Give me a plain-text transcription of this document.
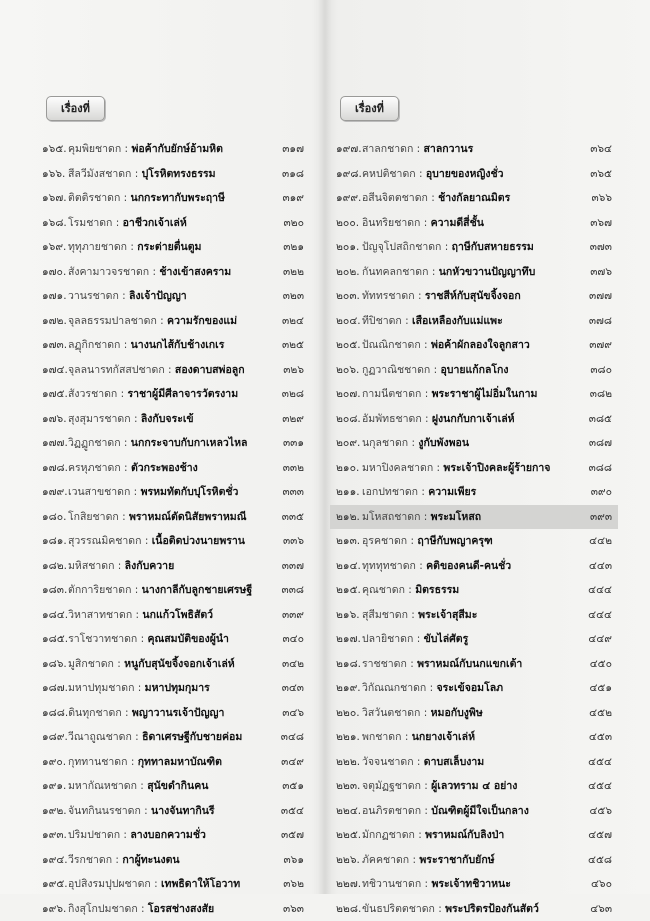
เรื่องที่
๑๖๕.คุมพิยชาดก : พ่อค้ากับยักษ์อ้ามหิต	๓๑๗
๑๖๖. สีลวีมังสชาดก : ปุโรหิตทรงธรรม	๓๑๘
๑๖๗.ติตติรชาดก : นกกระทากับพระฤาษี	๓๑๙
๑๖๘.โรมชาดก : อาชีวกเจ้าเล่ห์	๓๒๐
๑๖๙. ทุทุภายชาดก : กระต่ายตื่นตูม	๓๒๑
๑๗๐. สังคามาวจรชาดก : ช้างเข้าสงคราม	๓๒๒
๑๗๑.วานรชาดก : ลิงเจ้าปัญญา	๓๒๓
๑๗๒.จุลลธรรมปาลชาดก : ความรักของแม่	๓๒๔
๑๗๓.ลฏุกิกชาดก : นางนกไส้กับช้างเกเร	๓๒๕
๑๗๔.จุลลนารทกัสสปชาดก : สองดาบสพ่อลูก	๓๒๖
๑๗๕.สังวรชาดก : ราชาผู้มีศีลาจารวัตรงาม	๓๒๘
๑๗๖.สุงสุมารชาดก : ลิงกับจระเข้	๓๒๙
๑๗๗.วิฏฏูกชาดก : นกกระจาบกับกาเหลวไหล	๓๓๑
๑๗๘.ครหุภชาดก : ตัวกระพองช้าง	๓๓๒
๑๗๙.เวนสาขชาดก : พรหมทัตกับปุโรหิตชั่ว	๓๓๓
๑๘๐.โกสิยชาดก : พราหมณ์ตัดนิสัยพราหมณี	๓๓๕
๑๘๑.สุวรรณมิคชาดก : เนื้อติดบ่วงนายพราน	๓๓๖
๑๘๒.มหิสชาดก : ลิงกับควาย	๓๓๗
๑๘๓.ตักการิยชาดก : นางกาลีกับลูกชายเศรษฐี	๓๓๘
๑๘๔.วิหาสาทชาดก : นกแก้วโพธิสัตว์	๓๓๙
๑๘๕.ราโชวาทชาดก : คุณสมบัติของผู้นำ	๓๔๐
๑๘๖.มูสิกชาดก : หนูกับสุนัขจิ้งจอกเจ้าเล่ห์	๓๔๒
๑๘๗.มหาปทุมชาดก : มหาปทุมกุมาร	๓๔๓
๑๘๘.ดินทุกชาดก : พญาวานรเจ้าปัญญา	๓๔๖
๑๘๙.วีณาถูณชาดก : ธิดาเศรษฐีกับชายค่อม	๓๔๘
๑๙๐. กุททานชาดก : กุททาลมหาบัณฑิต	๓๔๙
๑๙๑. มหากัณหชาดก : สุนัขดำกินคน	๓๕๑
๑๙๒.จันทกินนรชาดก : นางจันทากินรี	๓๕๔
๑๙๓.ปริมปชาดก : ลางบอกความชั่ว	๓๕๗
๑๙๔.วีรกชาดก : กาผู้ทะนงตน	๓๖๑
๑๙๕.อุปสิงรมปุปผชาดก : เทพธิดาให้โอวาท	๓๖๒
๑๙๖. กิงสุโกปมชาดก : โอรสช่างสงสัย	๓๖๓
เรื่องที่
๑๙๗.สาลกชาดก : สาลกวานร	๓๖๔
๑๙๘.คหปติชาดก : อุบายของหญิงชั่ว	๓๖๕
๑๙๙.อสีนจิตตชาดก : ช้างกัลยาณมิตร	๓๖๖
๒๐๐. อินทริยชาดก : ความดีสี่ชั้น	๓๖๗
๒๐๑. ปัญจุโปสถิกชาดก : ฤาษีกับสหายธรรม	๓๗๓
๒๐๒. กันทคลกชาดก : นกหัวขวานปัญญาทึบ	๓๗๖
๒๐๓. ทัททรชาดก : ราชสีห์กับสุนัขจิ้งจอก	๓๗๗
๒๐๔.ทีปิชาดก : เสือเหลืองกับแม่แพะ	๓๗๘
๒๐๕.ปัณณิกชาดก : พ่อค้าผักลองใจลูกสาว	๓๗๙
๒๐๖. กูฏวาณิชชาดก : อุบายแก้กลโกง	๓๘๐
๒๐๗.กามนีตชาดก : พระราชาผู้ไม่อิ่มในกาม	๓๘๒
๒๐๘.อัมพัทธชาดก : ฝูงนกกับกาเจ้าเล่ห์	๓๘๕
๒๐๙. นกุลชาดก : งูกับพังพอน	๓๘๗
๒๑๐. มหาปิงคลชาดก : พระเจ้าปิงคละผู้ร้ายกาจ	๓๘๘
๒๑๑. เอกปทชาดก : ความเพียร	๓๙๐
๒๑๒. มโหสถชาดก : พระมโหสถ	๓๙๓
๒๑๓. อุรคชาดก : ฤาษีกับพญาครุฑ	๔๔๒
๒๑๔.ทุททุทชาดก : คติของคนดี-คนชั่ว	๔๔๓
๒๑๕.คุณชาดก : มิตรธรรม	๔๔๔
๒๑๖. สุสีมชาดก : พระเจ้าสุสีมะ	๔๔๔
๒๑๗.ปลายิชาดก : ขับไล่ศัตรู	๔๔๙
๒๑๘.ราชชาดก : พราหมณ์กับนกแขกเต้า	๔๕๐
๒๑๙.วิกัณณกชาดก : จระเข้จอมโลภ	๔๕๑
๒๒๐. วิสวันตชาดก : หมอกับงูพิษ	๔๕๒
๒๒๑. พกชาดก : นกยางเจ้าเล่ห์	๔๕๓
๒๒๒. วัจจนชาดก : ดาบสเล็บงาม	๔๕๔
๒๒๓. จตุมัฏฐชาดก : ผู้เลวทราม ๔ อย่าง	๔๕๔
๒๒๔.อนภิรตชาดก : บัณฑิตผู้มีใจเป็นกลาง	๔๕๖
๒๒๕.มักกฏชาดก : พราหมณ์กับลิงป่า	๔๕๗
๒๒๖. ภัคคชาดก : พระราชากับยักษ์	๔๕๘
๒๒๗.ทชิวานชาดก : พระเจ้าทชิวาหนะ	๔๖๐
๒๒๘.ขันธปริตตชาดก : พระปริตรป้องกันสัตว์	๔๖๓
